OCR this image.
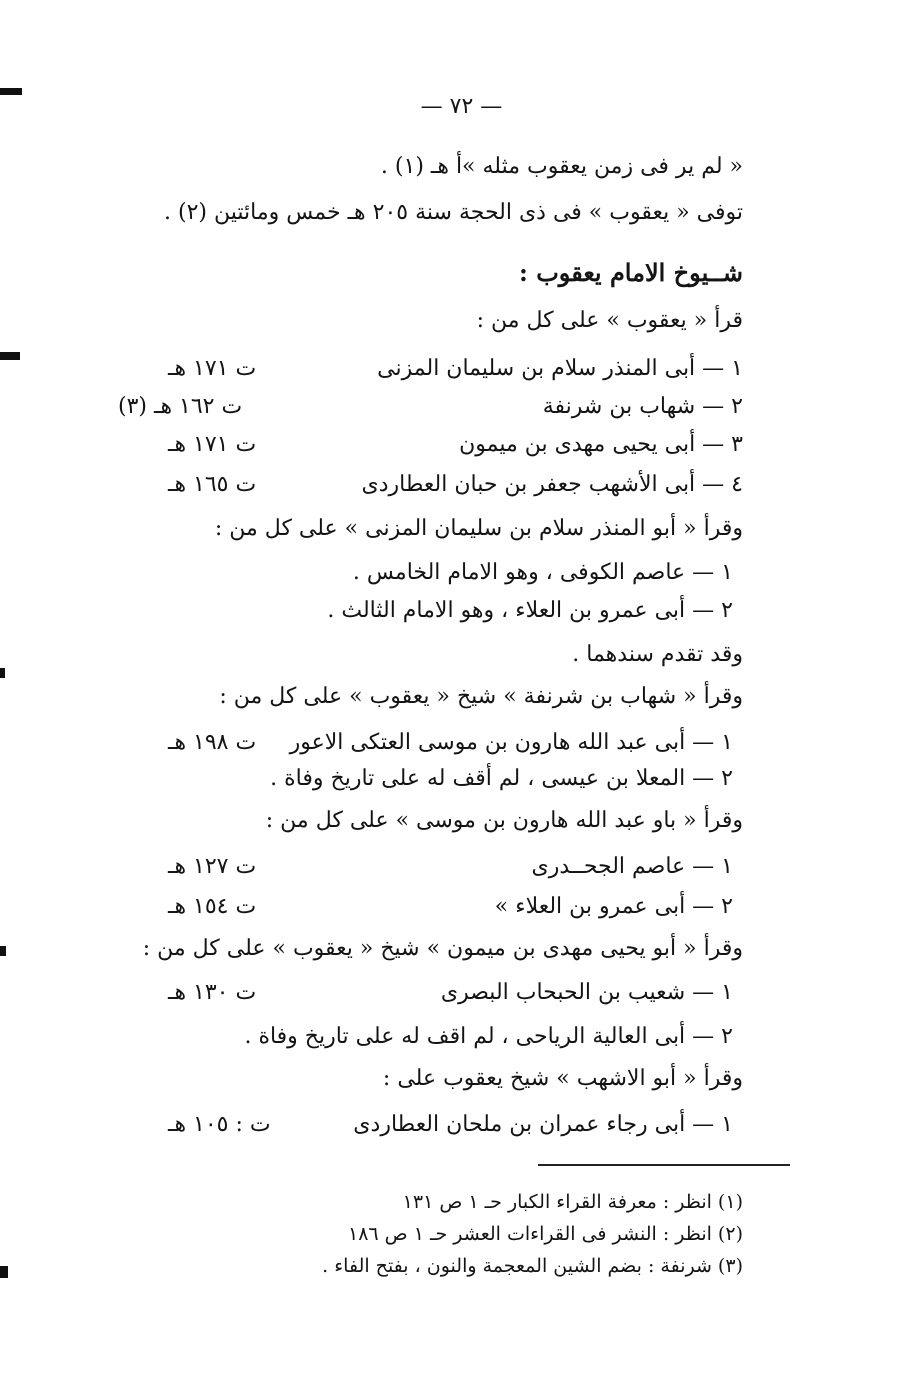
— ٧٢ —

« لم ير فى زمن يعقوب مثله »أ هـ (١) .

توفى « يعقوب » فى ذى الحجة سنة ٢٠٥ هـ خمس ومائتين (٢) .

شــيوخ الامام يعقوب :

قرأ « يعقوب » على كل من :

١ — أبى المنذر سلام بن سليمان المزنى

ت ١٧١ هـ

٢ — شهاب بن شرنفة

ت ١٦٢ هـ (٣)

٣ — أبى يحيى مهدى بن ميمون

ت ١٧١ هـ

٤ — أبى الأشهب جعفر بن حبان العطاردى

ت ١٦٥ هـ

وقرأ « أبو المنذر سلام بن سليمان المزنى » على كل من :

١ — عاصم الكوفى ، وهو الامام الخامس .

٢ — أبى عمرو بن العلاء ، وهو الامام الثالث .

وقد تقدم سندهما .

وقرأ « شهاب بن شرنفة » شيخ « يعقوب » على كل من :

١ — أبى عبد الله هارون بن موسى العتكى الاعور

ت ١٩٨ هـ

٢ — المعلا بن عيسى ، لم أقف له على تاريخ وفاة .

وقرأ « باو عبد الله هارون بن موسى » على كل من :

١ — عاصم الجحــدرى

ت ١٢٧ هـ

٢ — أبى عمرو بن العلاء »

ت ١٥٤ هـ

وقرأ « أبو يحيى مهدى بن ميمون » شيخ « يعقوب » على كل من :

١ — شعيب بن الحبحاب البصرى

ت ١٣٠ هـ

٢ — أبى العالية الرياحى ، لم اقف له على تاريخ وفاة .

وقرأ « أبو الاشهب » شيخ يعقوب على :

١ — أبى رجاء عمران بن ملحان العطاردى

ت : ١٠٥ هـ

(١) انظر : معرفة القراء الكبار حـ ١ ص ١٣١

(٢) انظر : النشر فى القراءات العشر حـ ١ ص ١٨٦

(٣) شرنفة : بضم الشين المعجمة والنون ، بفتح الفاء .
